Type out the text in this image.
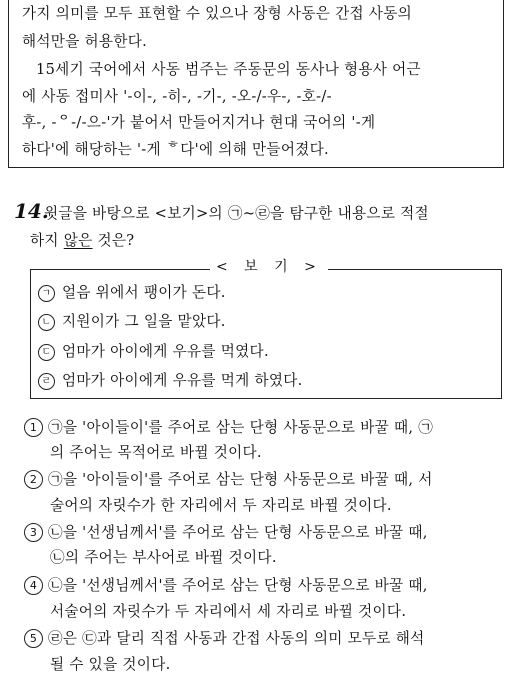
가지 의미를 모두 표현할 수 있으나 장형 사동은 간접 사동의
해석만을 허용한다.
15세기 국어에서 사동 범주는 주동문의 동사나 형용사 어근
에 사동 접미사 '-이-, -히-, -기-, -오-/-우-, -호-/-
후-, -ᄋ-/-으-'가 붙어서 만들어지거나 현대 국어의 '-게
하다'에 해당하는 '-게 ᄒ다'에 의해 만들어졌다.
14.
윗글을 바탕으로 <보기>의 ㉠~㉣을 탐구한 내용으로 적절
하지 않은 것은?
< 보 기 >
ㄱ 얼음 위에서 팽이가 돈다.
ㄴ 지원이가 그 일을 맡았다.
ㄷ 엄마가 아이에게 우유를 먹였다.
ㄹ 엄마가 아이에게 우유를 먹게 하였다.
1 ㉠을 '아이들이'를 주어로 삼는 단형 사동문으로 바꿀 때, ㉠
의 주어는 목적어로 바뀔 것이다.
2 ㉠을 '아이들이'를 주어로 삼는 단형 사동문으로 바꿀 때, 서
술어의 자릿수가 한 자리에서 두 자리로 바뀔 것이다.
3 ㉡을 '선생님께서'를 주어로 삼는 단형 사동문으로 바꿀 때,
㉡의 주어는 부사어로 바뀔 것이다.
4 ㉡을 '선생님께서'를 주어로 삼는 단형 사동문으로 바꿀 때,
서술어의 자릿수가 두 자리에서 세 자리로 바뀔 것이다.
5 ㉣은 ㉢과 달리 직접 사동과 간접 사동의 의미 모두로 해석
될 수 있을 것이다.
